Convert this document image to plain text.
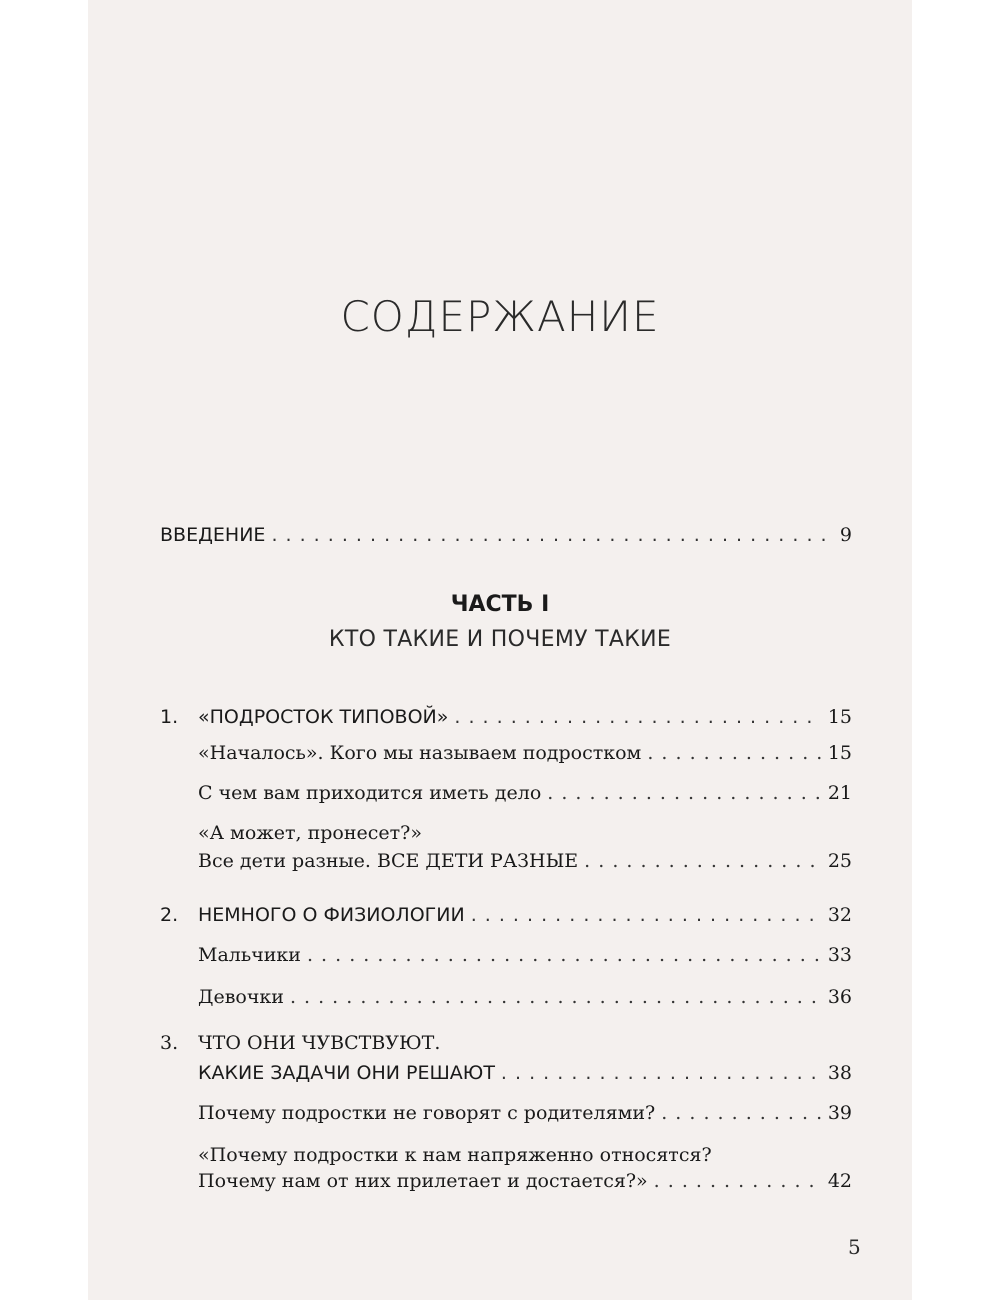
СОДЕРЖАНИЕ
ВВЕДЕНИЕ . . .	9
ЧАСТЬ I
КТО ТАКИЕ И ПОЧЕМУ ТАКИЕ
1.	«ПОДРОСТОК ТИПОВОЙ» . . .	15
«Началось». Кого мы называем подростком . . .	15
С чем вам приходится иметь дело . . .	21
«А может, пронесет?»
Все дети разные. ВСЕ ДЕТИ РАЗНЫЕ . . .	25
2.	НЕМНОГО О ФИЗИОЛОГИИ . . .	32
Мальчики . . .	33
Девочки . . .	36
3. ЧТО ОНИ ЧУВСТВУЮТ.
КАКИЕ ЗАДАЧИ ОНИ РЕШАЮТ . . .	38
Почему подростки не говорят с родителями? . . .	39
«Почему подростки к нам напряженно относятся?
Почему нам от них прилетает и достается?» . . .	42
5
